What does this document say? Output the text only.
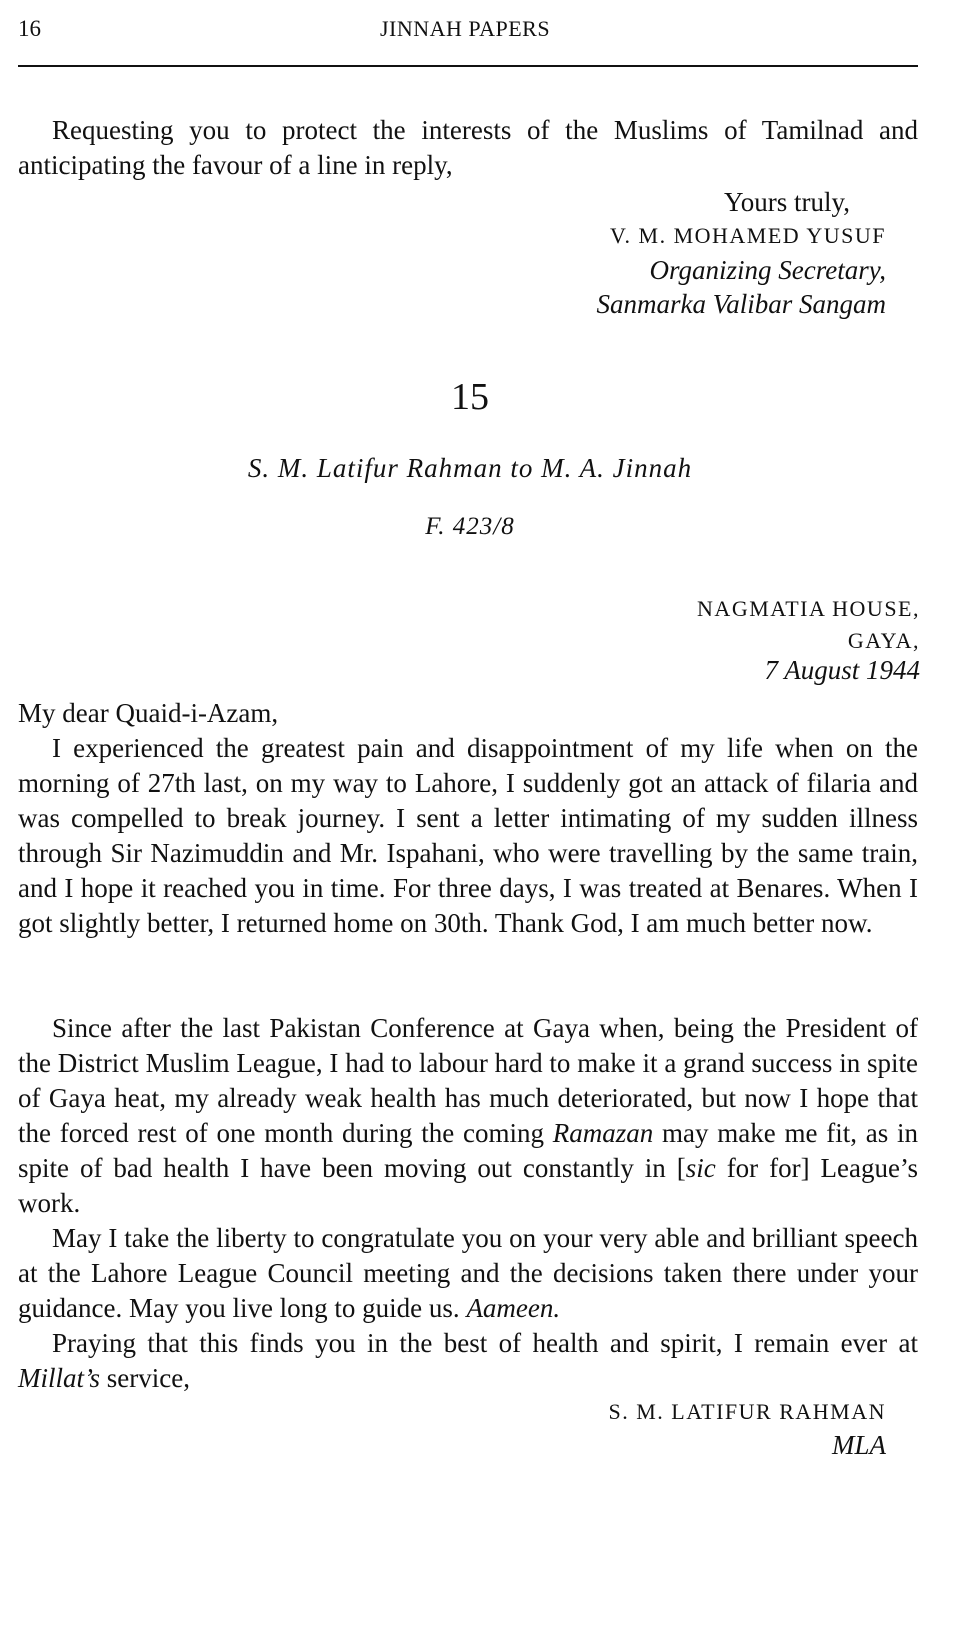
16	JINNAH PAPERS

Requesting you to protect the interests of the Muslims of Tamilnad and anticipating the favour of a line in reply,

Yours truly,
V. M. MOHAMED YUSUF
Organizing Secretary,
Sanmarka Valibar Sangam
15
S. M. Latifur Rahman to M. A. Jinnah
F. 423/8
NAGMATIA HOUSE,
GAYA,
7 August 1944
My dear Quaid-i-Azam,

I experienced the greatest pain and disappointment of my life when on the morning of 27th last, on my way to Lahore, I suddenly got an attack of filaria and was compelled to break journey. I sent a letter intimating of my sudden illness through Sir Nazimuddin and Mr. Ispahani, who were travelling by the same train, and I hope it reached you in time. For three days, I was treated at Benares. When I got slightly better, I returned home on 30th. Thank God, I am much better now.

Since after the last Pakistan Conference at Gaya when, being the President of the District Muslim League, I had to labour hard to make it a grand success in spite of Gaya heat, my already weak health has much deteriorated, but now I hope that the forced rest of one month during the coming Ramazan may make me fit, as in spite of bad health I have been moving out constantly in [sic for for] League’s work.

May I take the liberty to congratulate you on your very able and brilliant speech at the Lahore League Council meeting and the decisions taken there under your guidance. May you live long to guide us. Aameen.

Praying that this finds you in the best of health and spirit, I remain ever at Millat’s service,

S. M. LATIFUR RAHMAN
MLA
